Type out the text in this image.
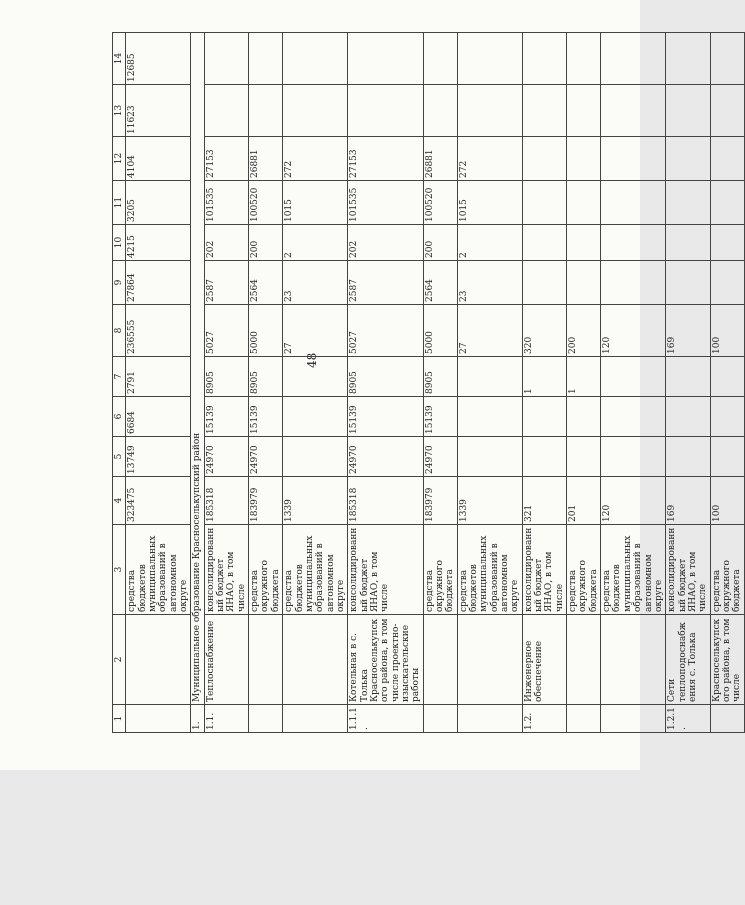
48
1	2	3	4	5	6	7	8	9	10	11	12	13	14
		средства бюджетов муниципальных образований в автономном округе	323475	13749	6684	2791	236555	27864	4215	3205	4104	11623	12685
1.	Муниципальное образование Красноселькупский район												
1.1.	Теплоснабжение	консолидированный бюджет ЯНАО, в том числе	185318	24970	15139	8905	5027	2587	202	101535	27153		
		средства окружного бюджета	183979	24970	15139	8905	5000	2564	200	100520	26881		
		средства бюджетов муниципальных образований в автономном округе	1339				27	23	2	1015	272		
1.1.1.	Котельная в с. Толька Красноселькупского района, в том числе проектно-изыскательские работы	консолидированный бюджет ЯНАО, в том числе	185318	24970	15139	8905	5027	2587	202	101535	27153		
		средства окружного бюджета	183979	24970	15139	8905	5000	2564	200	100520	26881		
		средства бюджетов муниципальных образований в автономном округе	1339				27	23	2	1015	272		
1.2.	Инженерное обеспечение	консолидированный бюджет ЯНАО, в том числе	321			1	320						
		средства окружного бюджета	201			1	200						
		средства бюджетов муниципальных образований в автономном округе	120				120						
1.2.1.	Сети теплоподоснабжения с. Толька	консолидированный бюджет ЯНАО, в том числе	169				169						
	Красноселькупского района, в том числе	средства окружного бюджета	100				100						
